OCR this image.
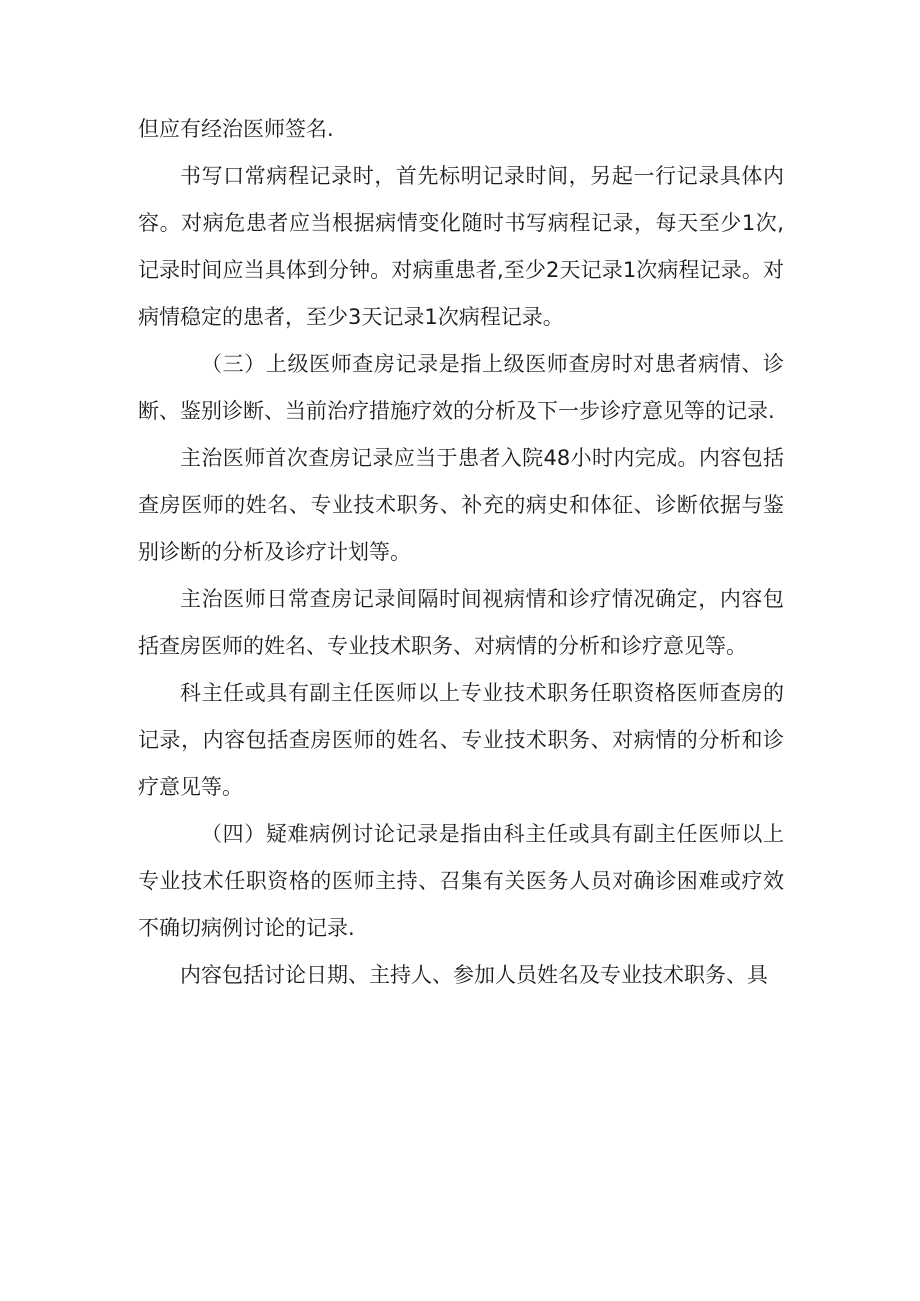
但应有经治医师签名.

书写口常病程记录时，首先标明记录时间，另起一行记录具体内容。对病危患者应当根据病情变化随时书写病程记录，每天至少1次,记录时间应当具体到分钟。对病重患者,至少2天记录1次病程记录。对病情稳定的患者，至少3天记录1次病程记录。

（三）上级医师查房记录是指上级医师查房时对患者病情、诊断、鉴别诊断、当前治疗措施疗效的分析及下一步诊疗意见等的记录.

主治医师首次查房记录应当于患者入院48小时内完成。内容包括查房医师的姓名、专业技术职务、补充的病史和体征、诊断依据与鉴别诊断的分析及诊疗计划等。

主治医师日常查房记录间隔时间视病情和诊疗情况确定，内容包括查房医师的姓名、专业技术职务、对病情的分析和诊疗意见等。

科主任或具有副主任医师以上专业技术职务任职资格医师查房的记录，内容包括查房医师的姓名、专业技术职务、对病情的分析和诊疗意见等。

（四）疑难病例讨论记录是指由科主任或具有副主任医师以上专业技术任职资格的医师主持、召集有关医务人员对确诊困难或疗效不确切病例讨论的记录.

内容包括讨论日期、主持人、参加人员姓名及专业技术职务、具
